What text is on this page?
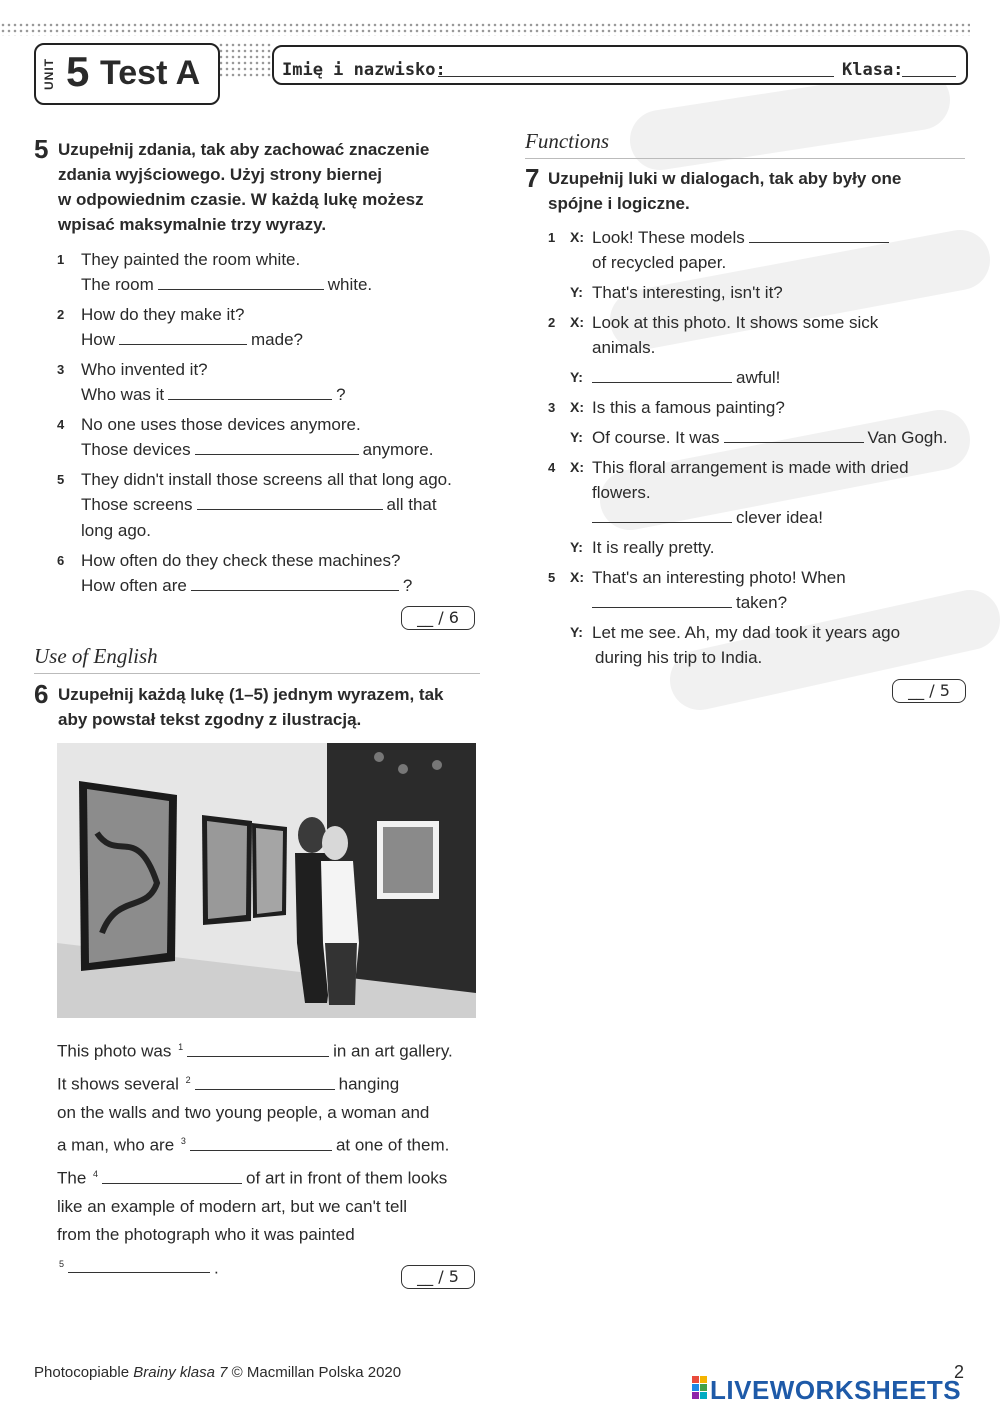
UNIT 5 Test A	Imię i nazwisko:	Klasa:
5 Uzupełnij zdania, tak aby zachować znaczenie
zdania wyjściowego. Użyj strony biernej
w odpowiednim czasie. W każdą lukę możesz
wpisać maksymalnie trzy wyrazy.
1 They painted the room white.
The room	white.
2 How do they make it?
How	made?
3 Who invented it?
Who was it	?
4 No one uses those devices anymore.
Those devices	anymore.
5 They didn't install those screens all that long ago.
Those screens	all that
long ago.
6 How often do they check these machines?
How often are	?
__ / 6
Use of English
6 Uzupełnij każdą lukę (1–5) jednym wyrazem, tak
aby powstał tekst zgodny z ilustracją.
This photo was $^1$	in an art gallery.
It shows several $^2$	hanging
on the walls and two young people, a woman and
a man, who are $^3$	at one of them.
The $^4$	of art in front of them looks
like an example of modern art, but we can't tell
from the photograph who it was painted
$^5$	.	__ / 5
Functions
7 Uzupełnij luki w dialogach, tak aby były one
spójne i logiczne.
1 X: Look! These models
of recycled paper.
Y: That's interesting, isn't it?
2 X: Look at this photo. It shows some sick
animals.
Y:	awful!
3 X: Is this a famous painting?
Y: Of course. It was	Van Gogh.
4 X: This floral arrangement is made with dried
flowers.
clever idea!
Y: It is really pretty.
5 X: That's an interesting photo! When
taken?
Y: Let me see. Ah, my dad took it years ago
during his trip to India.
__ / 5
Photocopiable Brainy klasa 7 © Macmillan Polska 2020	2
LIVEWORKSHEETS
